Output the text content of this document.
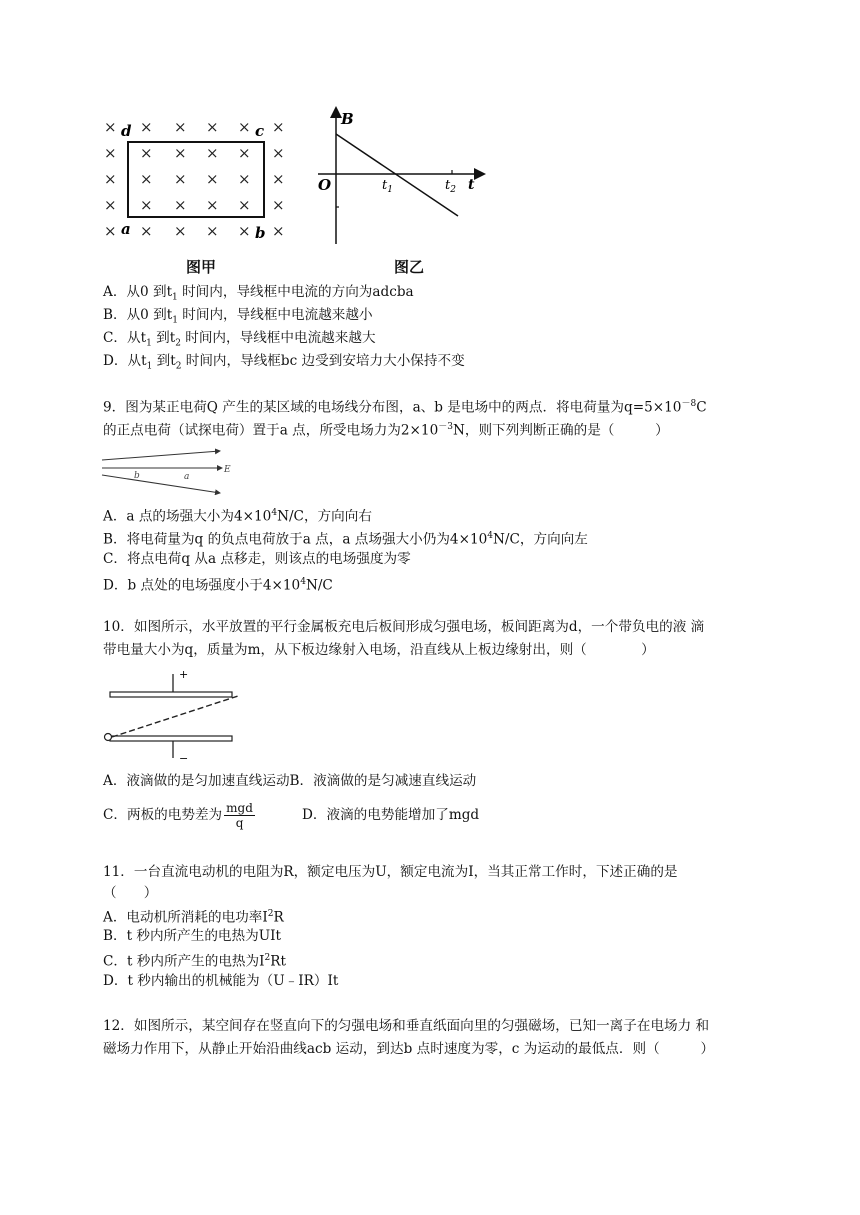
× × × × × ×
× × × × × ×
× × × × × ×
× × × × × ×
× × × × × ×
d	c
a	b
图甲
B
O	$t_1$	$t_2$ t
图乙
A．从0 到$t_1$ 时间内，导线框中电流的方向为adcba
B．从0 到$t_1$ 时间内，导线框中电流越来越小
C．从$t_1$ 到$t_2$ 时间内，导线框中电流越来越大
D．从$t_1$ 到$t_2$ 时间内，导线框bc 边受到安培力大小保持不变
9．图为某正电荷Q 产生的某区域的电场线分布图，a、b 是电场中的两点．将电荷量为$q=5\times 10^{-8}C$
的正点电荷（试探电荷）置于a 点，所受电场力为$2\times 10^{-3}N$，则下列判断正确的是（　　　）
b	a
E
A．a 点的场强大小为$4\times 10^4N/C$，方向向右
B．将电荷量为q 的负点电荷放于a 点，a 点场强大小仍为$4\times 10^4N/C$，方向向左
C．将点电荷q 从a 点移走，则该点的电场强度为零
D．b 点处的电场强度小于$4\times 10^4N/C$
10．如图所示，水平放置的平行金属板充电后板间形成匀强电场，板间距离为d，一个带负电的液 滴
带电量大小为q，质量为m，从下板边缘射入电场，沿直线从上板边缘射出，则（　　　　）
+
−
A．液滴做的是匀加速直线运动B．液滴做的是匀减速直线运动
C．两板的电势差为 $\frac{\text{mgd}}{q}$	D．液滴的电势能增加了mgd
11．一台直流电动机的电阻为R，额定电压为U，额定电流为I，当其正常工作时，下述正确的是
（　　）
A．电动机所消耗的电功率$I^2R$
B．t 秒内所产生的电热为UIt
C．t 秒内所产生的电热为$I^2Rt$
D．t 秒内输出的机械能为（U﹣IR）It
12．如图所示，某空间存在竖直向下的匀强电场和垂直纸面向里的匀强磁场，已知一离子在电场力 和
磁场力作用下，从静止开始沿曲线acb 运动，到达b 点时速度为零，c 为运动的最低点．则（　　　）
